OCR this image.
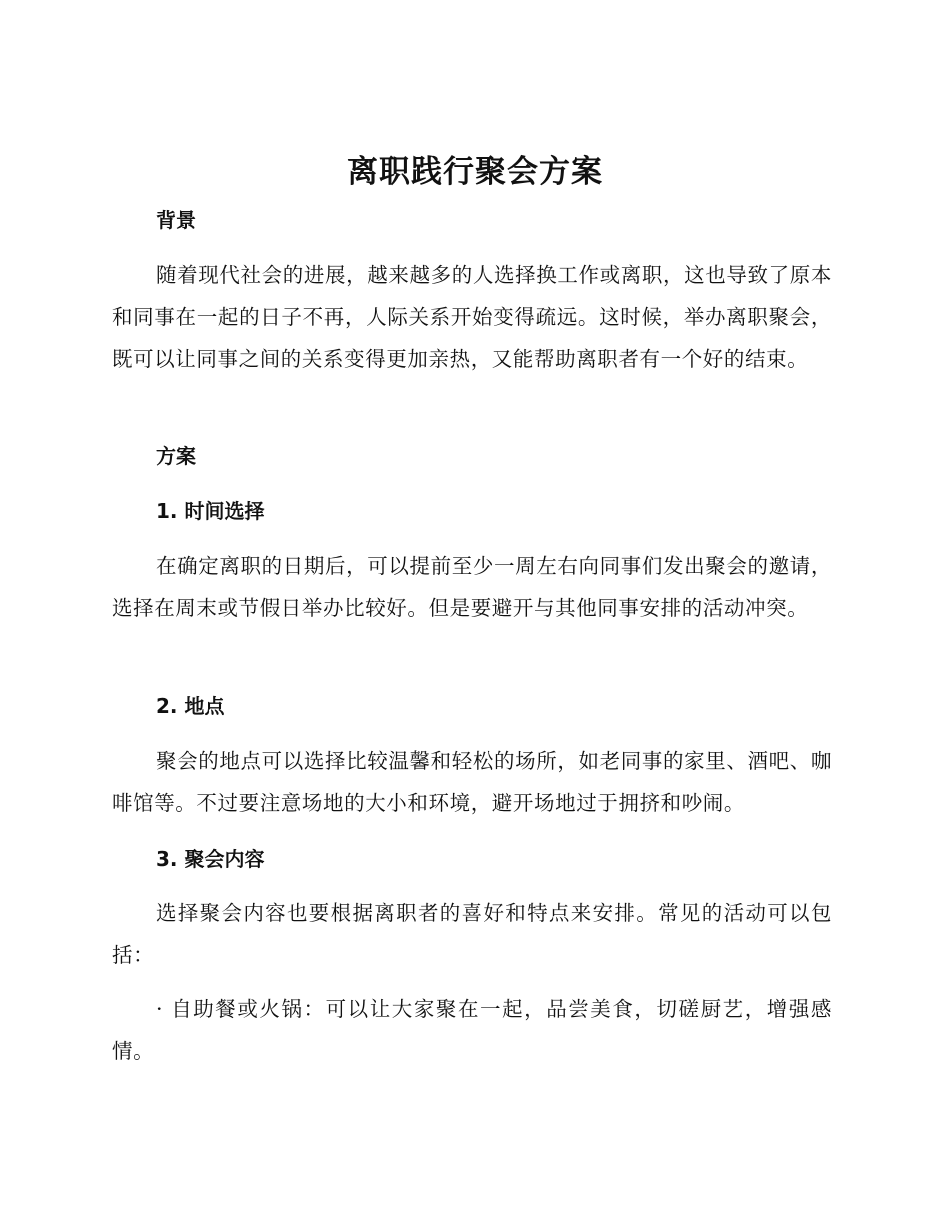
离职践行聚会方案
背景

随着现代社会的进展，越来越多的人选择换工作或离职，这也导致了原本和同事在一起的日子不再，人际关系开始变得疏远。这时候，举办离职聚会，既可以让同事之间的关系变得更加亲热，又能帮助离职者有一个好的结束。

方案
1. 时间选择

在确定离职的日期后，可以提前至少一周左右向同事们发出聚会的邀请，选择在周末或节假日举办比较好。但是要避开与其他同事安排的活动冲突。

2. 地点

聚会的地点可以选择比较温馨和轻松的场所，如老同事的家里、酒吧、咖啡馆等。不过要注意场地的大小和环境，避开场地过于拥挤和吵闹。

3. 聚会内容

选择聚会内容也要根据离职者的喜好和特点来安排。常见的活动可以包括：

· 自助餐或火锅：可以让大家聚在一起，品尝美食，切磋厨艺，增强感情。
